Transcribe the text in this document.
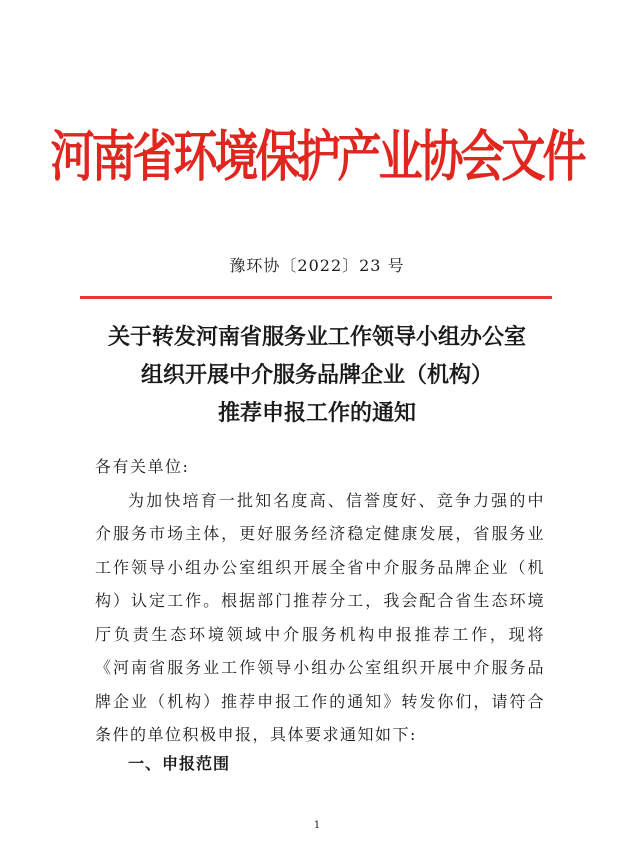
河南省环境保护产业协会文件
豫环协〔2022〕23 号
关于转发河南省服务业工作领导小组办公室
组织开展中介服务品牌企业（机构）
推荐申报工作的通知

各有关单位:

为加快培育一批知名度高、信誉度好、竞争力强的中介服务市场主体，更好服务经济稳定健康发展，省服务业工作领导小组办公室组织开展全省中介服务品牌企业（机构）认定工作。根据部门推荐分工，我会配合省生态环境厅负责生态环境领域中介服务机构申报推荐工作，现将《河南省服务业工作领导小组办公室组织开展中介服务品牌企业（机构）推荐申报工作的通知》转发你们，请符合条件的单位积极申报，具体要求通知如下:

一、申报范围
1
